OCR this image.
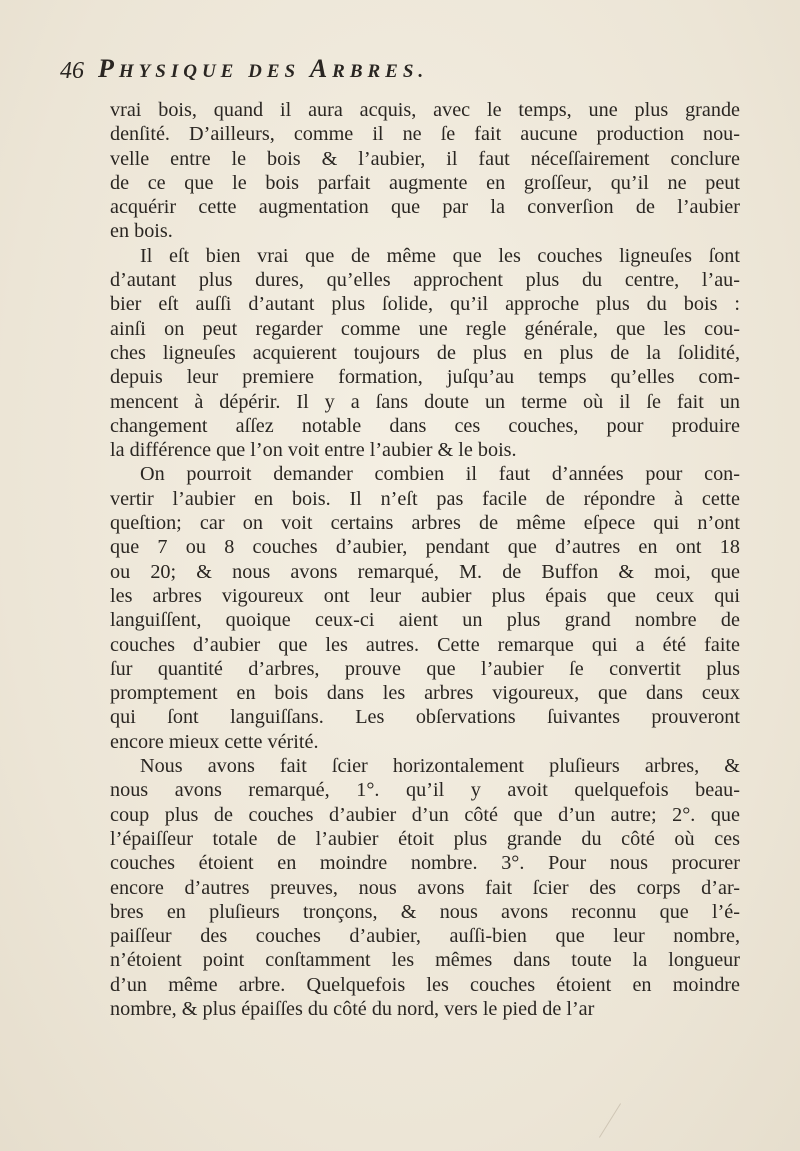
46 PHYSIQUE DES ARBRES.
vrai bois, quand il aura acquis, avec le temps, une plus grande
denſité. D’ailleurs, comme il ne ſe fait aucune production nou-
velle entre le bois & l’aubier, il faut néceſſairement conclure
de ce que le bois parfait augmente en groſſeur, qu’il ne peut
acquérir cette augmentation que par la converſion de l’aubier
en bois.
Il eſt bien vrai que de même que les couches ligneuſes ſont
d’autant plus dures, qu’elles approchent plus du centre, l’au-
bier eſt auſſi d’autant plus ſolide, qu’il approche plus du bois :
ainſi on peut regarder comme une regle générale, que les cou-
ches ligneuſes acquierent toujours de plus en plus de la ſolidité,
depuis leur premiere formation, juſqu’au temps qu’elles com-
mencent à dépérir. Il y a ſans doute un terme où il ſe fait un
changement aſſez notable dans ces couches, pour produire
la différence que l’on voit entre l’aubier & le bois.
On pourroit demander combien il faut d’années pour con-
vertir l’aubier en bois. Il n’eſt pas facile de répondre à cette
queſtion; car on voit certains arbres de même eſpece qui n’ont
que 7 ou 8 couches d’aubier, pendant que d’autres en ont 18
ou 20; & nous avons remarqué, M. de Buffon & moi, que
les arbres vigoureux ont leur aubier plus épais que ceux qui
languiſſent, quoique ceux-ci aient un plus grand nombre de
couches d’aubier que les autres. Cette remarque qui a été faite
ſur quantité d’arbres, prouve que l’aubier ſe convertit plus
promptement en bois dans les arbres vigoureux, que dans ceux
qui ſont languiſſans. Les obſervations ſuivantes prouveront
encore mieux cette vérité.
Nous avons fait ſcier horizontalement pluſieurs arbres, &
nous avons remarqué, 1°. qu’il y avoit quelquefois beau-
coup plus de couches d’aubier d’un côté que d’un autre; 2°. que
l’épaiſſeur totale de l’aubier étoit plus grande du côté où ces
couches étoient en moindre nombre. 3°. Pour nous procurer
encore d’autres preuves, nous avons fait ſcier des corps d’ar-
bres en pluſieurs tronçons, & nous avons reconnu que l’é-
paiſſeur des couches d’aubier, auſſi-bien que leur nombre,
n’étoient point conſtamment les mêmes dans toute la longueur
d’un même arbre. Quelquefois les couches étoient en moindre
nombre, & plus épaiſſes du côté du nord, vers le pied de l’ar
